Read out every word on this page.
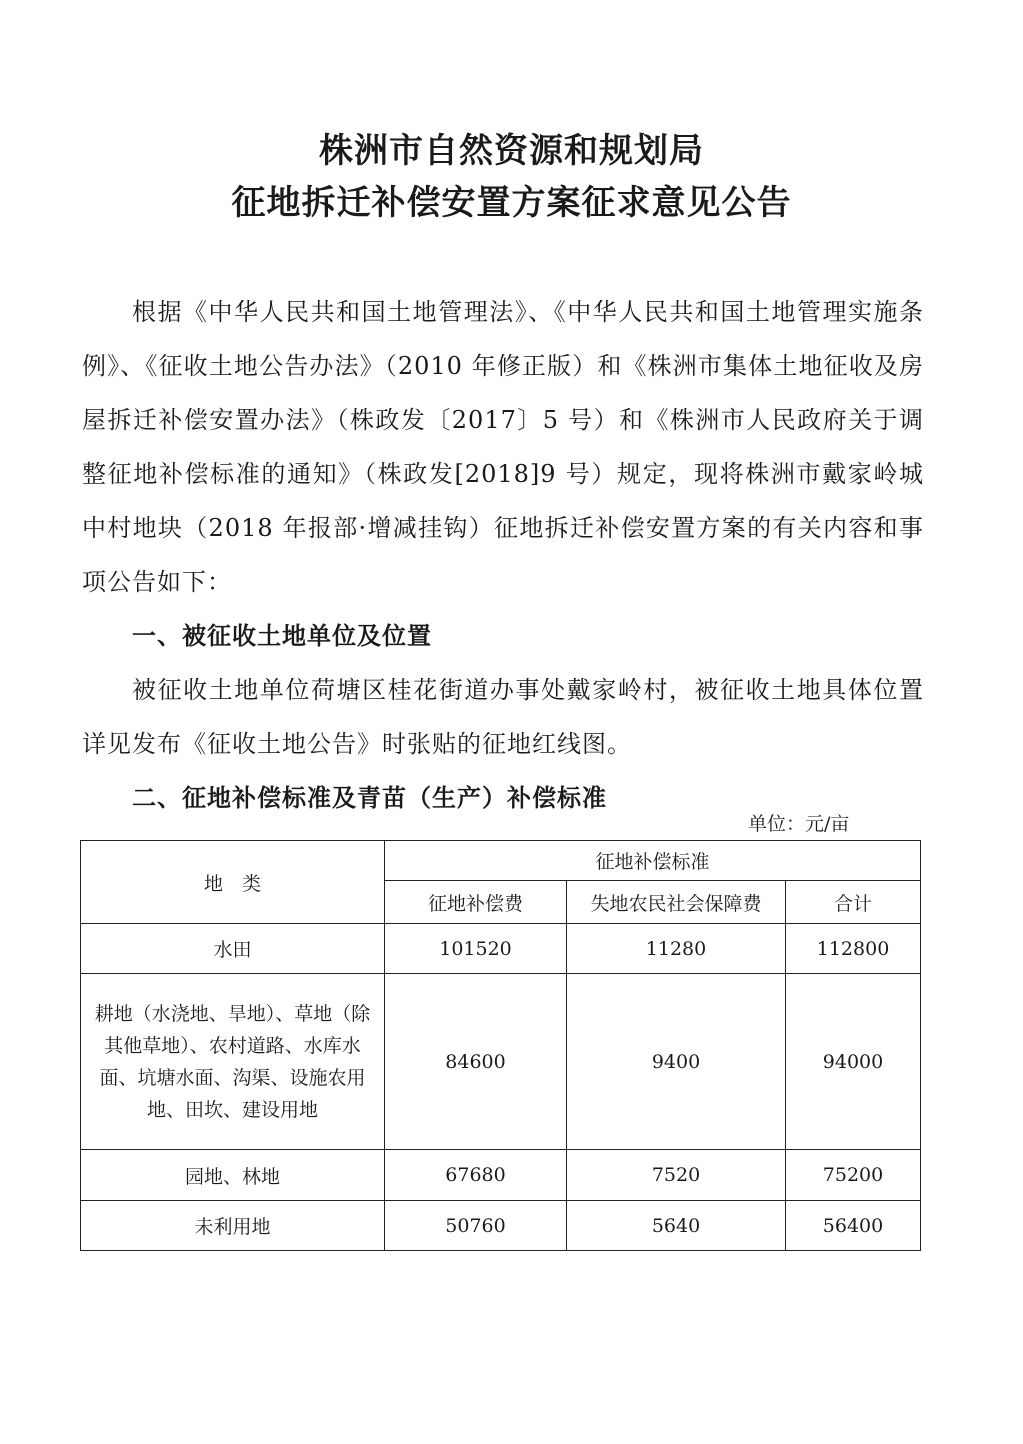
株洲市自然资源和规划局
征地拆迁补偿安置方案征求意见公告

根据《中华人民共和国土地管理法》、《中华人民共和国土地管理实施条例》、《征收土地公告办法》（2010 年修正版）和《株洲市集体土地征收及房屋拆迁补偿安置办法》（株政发〔2017〕5 号）和《株洲市人民政府关于调整征地补偿标准的通知》（株政发[2018]9 号）规定，现将株洲市戴家岭城中村地块（2018 年报部·增减挂钩）征地拆迁补偿安置方案的有关内容和事项公告如下：

一、被征收土地单位及位置

被征收土地单位荷塘区桂花街道办事处戴家岭村，被征收土地具体位置详见发布《征收土地公告》时张贴的征地红线图。

二、征地补偿标准及青苗（生产）补偿标准

单位：元/亩
地　类	征地补偿标准		
	征地补偿费	失地农民社会保障费	合计
水田	101520	11280	112800
耕地（水浇地、旱地）、草地（除其他草地）、农村道路、水库水面、坑塘水面、沟渠、设施农用地、田坎、建设用地	84600	9400	94000
园地、林地	67680	7520	75200
未利用地	50760	5640	56400
